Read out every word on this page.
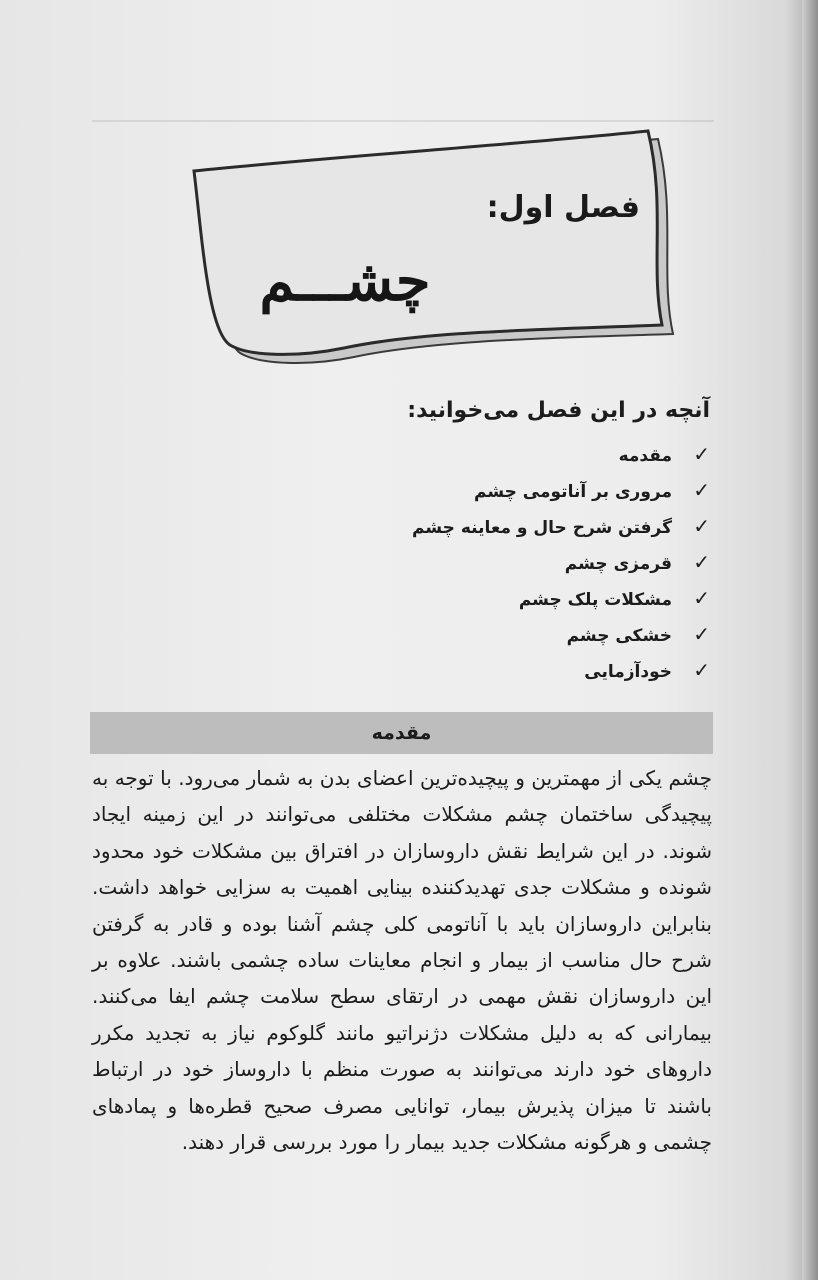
فصل اول:
چشـــم
آنچه در این فصل می‌خوانید:
✓مقدمه
✓مروری بر آناتومی چشم
✓گرفتن شرح حال و معاینه چشم
✓قرمزی چشم
✓مشکلات پلک چشم
✓خشکی چشم
✓خودآزمایی
مقدمه

چشم یکی از مهمترین و پیچیده‌ترین اعضای بدن به شمار می‌رود. با توجه به پیچیدگی ساختمان چشم مشکلات مختلفی می‌توانند در این زمینه ایجاد شوند. در این شرایط نقش داروسازان در افتراق بین مشکلات خود محدود شونده و مشکلات جدی تهدیدکننده بینایی اهمیت به سزایی خواهد داشت. بنابراین داروسازان باید با آناتومی کلی چشم آشنا بوده و قادر به گرفتن شرح حال مناسب از بیمار و انجام معاینات ساده چشمی باشند. علاوه بر این داروسازان نقش مهمی در ارتقای سطح سلامت چشم ایفا می‌کنند. بیمارانی که به دلیل مشکلات دژنراتیو مانند گلوکوم نیاز به تجدید مکرر داروهای خود دارند می‌توانند به صورت منظم با داروساز خود در ارتباط باشند تا میزان پذیرش بیمار، توانایی مصرف صحیح قطره‌ها و پمادهای چشمی و هرگونه مشکلات جدید بیمار را مورد بررسی قرار دهند.
